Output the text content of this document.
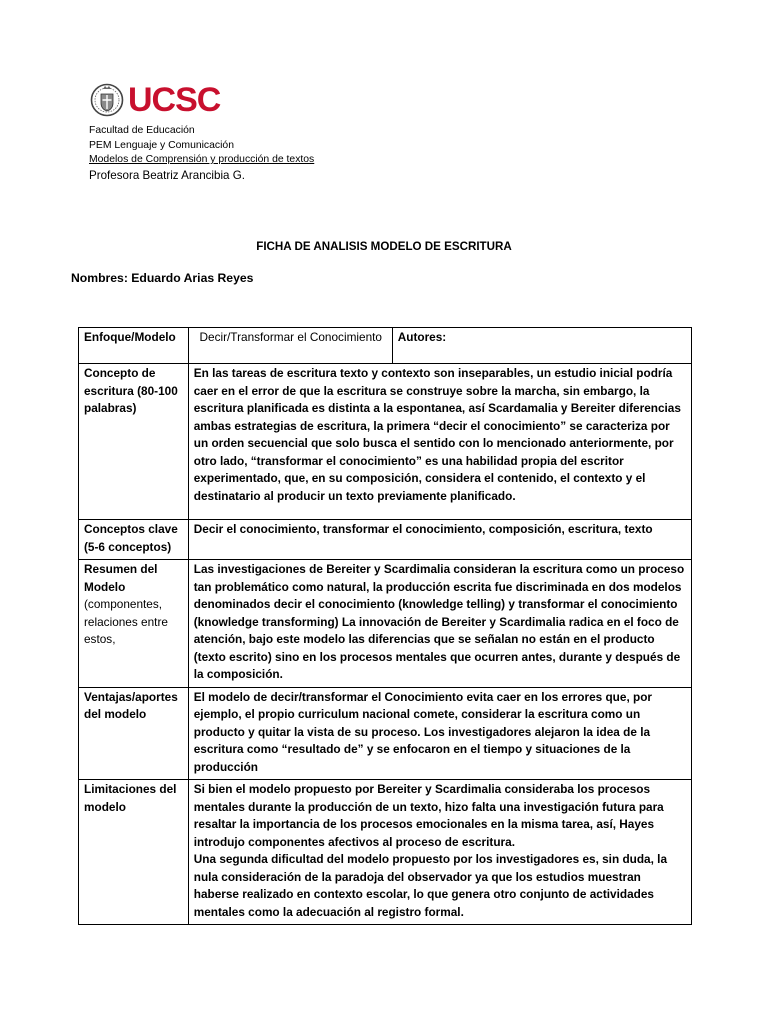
UCSC
Facultad de Educación
PEM Lenguaje y Comunicación
Modelos de Comprensión y producción de textos
Profesora Beatriz Arancibia G.
FICHA DE ANALISIS MODELO DE ESCRITURA
Nombres: Eduardo Arias Reyes
Enfoque/Modelo	Decir/Transformar el Conocimiento	Autores:
Concepto de escritura (80-100 palabras)	En las tareas de escritura texto y contexto son inseparables, un estudio inicial podría caer en el error de que la escritura se construye sobre la marcha, sin embargo, la escritura planificada es distinta a la espontanea, así Scardamalia y Bereiter diferencias ambas estrategias de escritura, la primera “decir el conocimiento” se caracteriza por un orden secuencial que solo busca el sentido con lo mencionado anteriormente, por otro lado, “transformar el conocimiento” es una habilidad propia del escritor experimentado, que, en su composición, considera el contenido, el contexto y el destinatario al producir un texto previamente planificado.	
Conceptos clave (5-6 conceptos)	Decir el conocimiento, transformar el conocimiento, composición, escritura, texto	
Resumen del Modelo (componentes, relaciones entre estos,	Las investigaciones de Bereiter y Scardimalia consideran la escritura como un proceso tan problemático como natural, la producción escrita fue discriminada en dos modelos denominados decir el conocimiento (knowledge telling) y transformar el conocimiento (knowledge transforming) La innovación de Bereiter y Scardimalia radica en el foco de atención, bajo este modelo las diferencias que se señalan no están en el producto (texto escrito) sino en los procesos mentales que ocurren antes, durante y después de la composición.	
Ventajas/aportes del modelo	El modelo de decir/transformar el Conocimiento evita caer en los errores que, por ejemplo, el propio curriculum nacional comete, considerar la escritura como un producto y quitar la vista de su proceso. Los investigadores alejaron la idea de la escritura como “resultado de” y se enfocaron en el tiempo y situaciones de la producción	
Limitaciones del modelo	Si bien el modelo propuesto por Bereiter y Scardimalia consideraba los procesos mentales durante la producción de un texto, hizo falta una investigación futura para resaltar la importancia de los procesos emocionales en la misma tarea, así, Hayes introdujo componentes afectivos al proceso de escritura.
Una segunda dificultad del modelo propuesto por los investigadores es, sin duda, la nula consideración de la paradoja del observador ya que los estudios muestran haberse realizado en contexto escolar, lo que genera otro conjunto de actividades mentales como la adecuación al registro formal.	
